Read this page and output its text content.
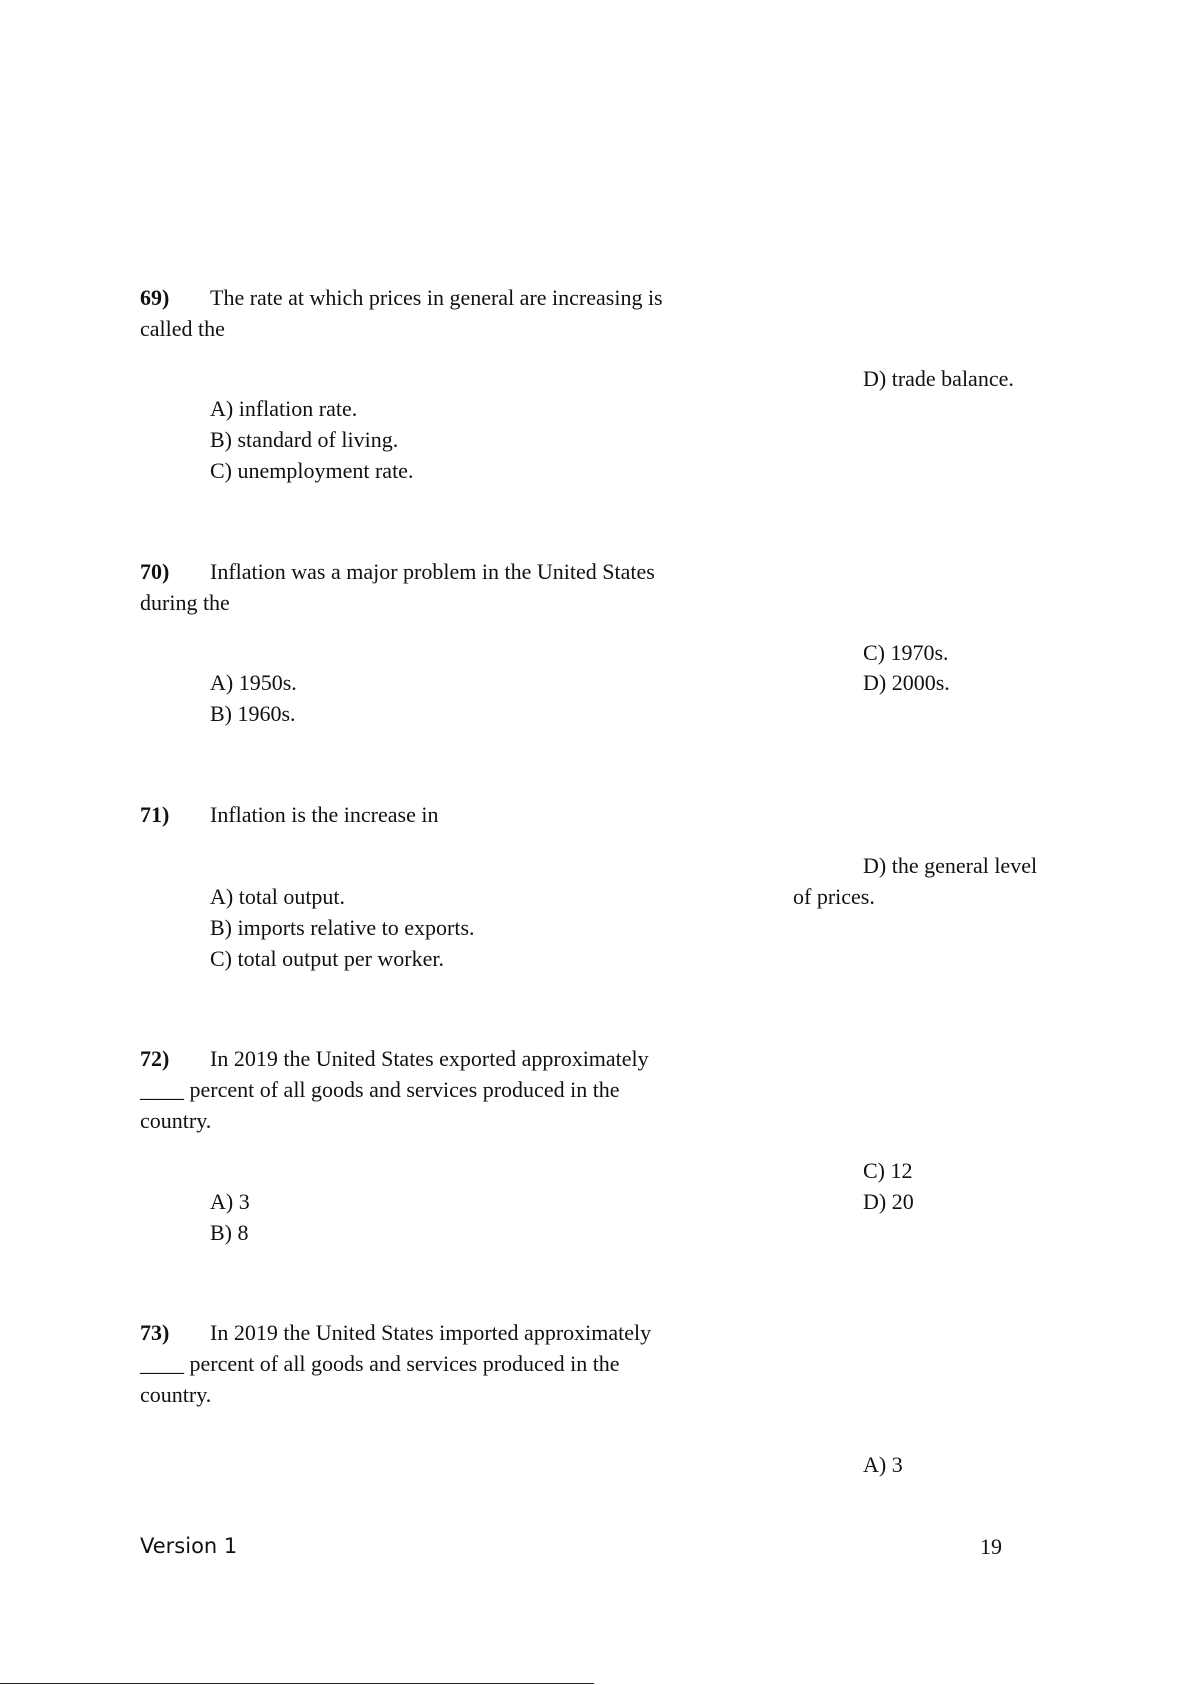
69) The rate at which prices in general are increasing is
called the
D) trade balance.
A) inflation rate.
B) standard of living.
C) unemployment rate.
70) Inflation was a major problem in the United States
during the
C) 1970s.
A) 1950s.	D) 2000s.
B) 1960s.
71) Inflation is the increase in
D) the general level
A) total output.	of prices.
B) imports relative to exports.
C) total output per worker.
72) In 2019 the United States exported approximately
____ percent of all goods and services produced in the
country.
C) 12
A) 3	D) 20
B) 8
73) In 2019 the United States imported approximately
____ percent of all goods and services produced in the
country.
A) 3
Version 1	19
